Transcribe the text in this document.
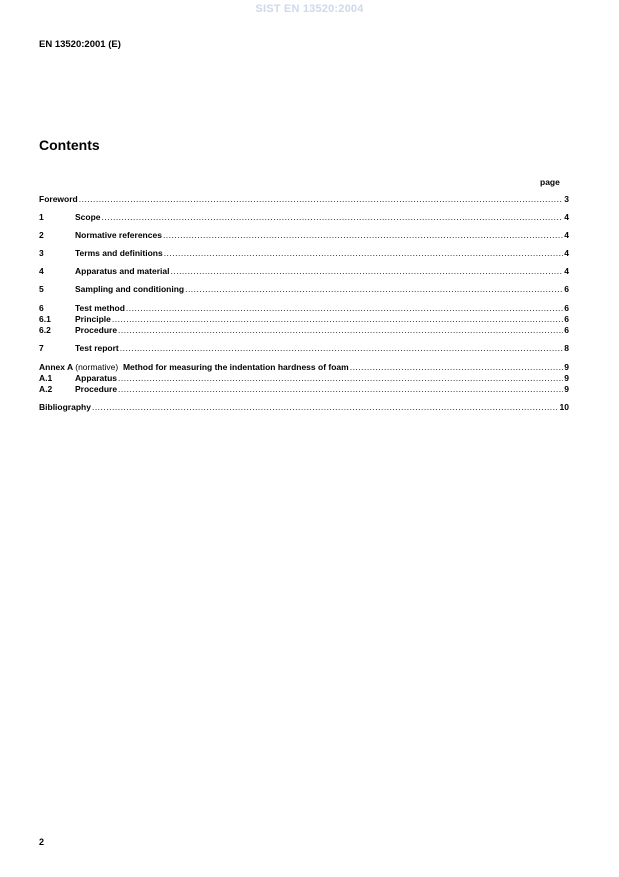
SIST EN 13520:2004
EN 13520:2001 (E)
Contents
page
Foreword .....	3
1	Scope .....	4
2	Normative references .....	4
3	Terms and definitions .....	4
4	Apparatus and material .....	4
5	Sampling and conditioning .....	6
6	Test method .....	6
6.1	Principle .....	6
6.2	Procedure .....	6
7	Test report .....	8
Annex A (normative) Method for measuring the indentation hardness of foam .....	9
A.1	Apparatus .....	9
A.2	Procedure .....	9
Bibliography .....	10
2
